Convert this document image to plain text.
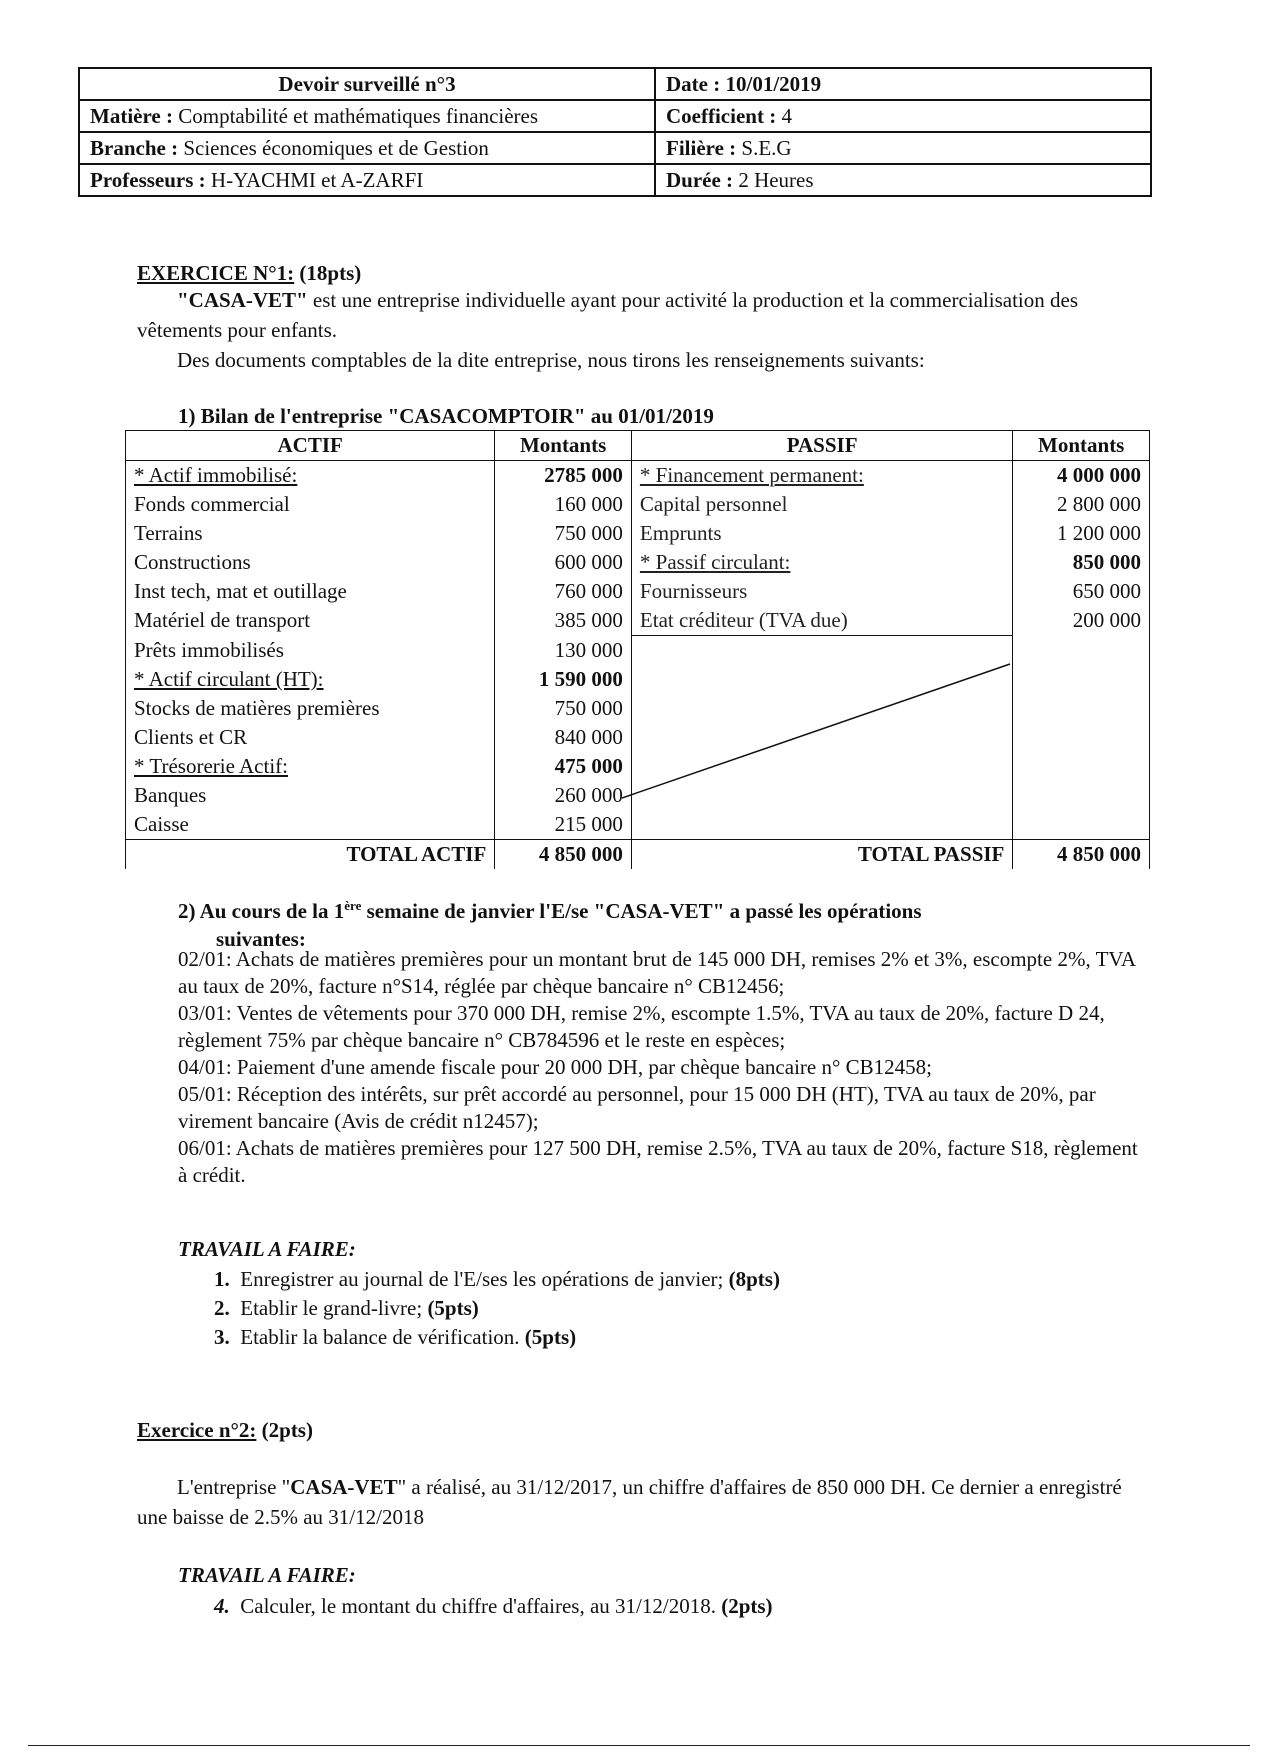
Devoir surveillé n°3	Date : 10/01/2019
Matière : Comptabilité et mathématiques financières	Coefficient : 4
Branche : Sciences économiques et de Gestion	Filière : S.E.G
Professeurs : H-YACHMI et A-ZARFI	Durée : 2 Heures
EXERCICE N°1: (18pts)
"CASA-VET" est une entreprise individuelle ayant pour activité la production et la commercialisation des vêtements pour enfants.
Des documents comptables de la dite entreprise, nous tirons les renseignements suivants:
1) Bilan de l'entreprise "CASACOMPTOIR" au 01/01/2019
ACTIF	Montants	PASSIF	Montants
* Actif immobilisé:	2785 000	* Financement permanent:	4 000 000
Fonds commercial	160 000	Capital personnel	2 800 000
Terrains	750 000	Emprunts	1 200 000
Constructions	600 000	* Passif circulant:	850 000
Inst tech, mat et outillage	760 000	Fournisseurs	650 000
Matériel de transport	385 000	Etat créditeur (TVA due)	200 000
Prêts immobilisés	130 000		
* Actif circulant (HT):	1 590 000		
Stocks de matières premières	750 000		
Clients et CR	840 000		
* Trésorerie Actif:	475 000		
Banques	260 000		
Caisse	215 000		
TOTAL ACTIF	4 850 000	TOTAL PASSIF	4 850 000
2) Au cours de la 1ère semaine de janvier l'E/se "CASA-VET" a passé les opérations
suivantes:
02/01: Achats de matières premières pour un montant brut de 145 000 DH, remises 2% et 3%, escompte 2%, TVA au taux de 20%, facture n°S14, réglée par chèque bancaire n° CB12456;
03/01: Ventes de vêtements pour 370 000 DH, remise 2%, escompte 1.5%, TVA au taux de 20%, facture D 24, règlement 75% par chèque bancaire n° CB784596 et le reste en espèces;
04/01: Paiement d'une amende fiscale pour 20 000 DH, par chèque bancaire n° CB12458;
05/01: Réception des intérêts, sur prêt accordé au personnel, pour 15 000 DH (HT), TVA au taux de 20%, par virement bancaire (Avis de crédit n12457);
06/01: Achats de matières premières pour 127 500 DH, remise 2.5%, TVA au taux de 20%, facture S18, règlement à crédit.
TRAVAIL A FAIRE:
1. Enregistrer au journal de l'E/ses les opérations de janvier; (8pts)
2. Etablir le grand-livre; (5pts)
3. Etablir la balance de vérification. (5pts)
Exercice n°2: (2pts)
L'entreprise "CASA-VET" a réalisé, au 31/12/2017, un chiffre d'affaires de 850 000 DH. Ce dernier a enregistré une baisse de 2.5% au 31/12/2018
TRAVAIL A FAIRE:
4. Calculer, le montant du chiffre d'affaires, au 31/12/2018. (2pts)
